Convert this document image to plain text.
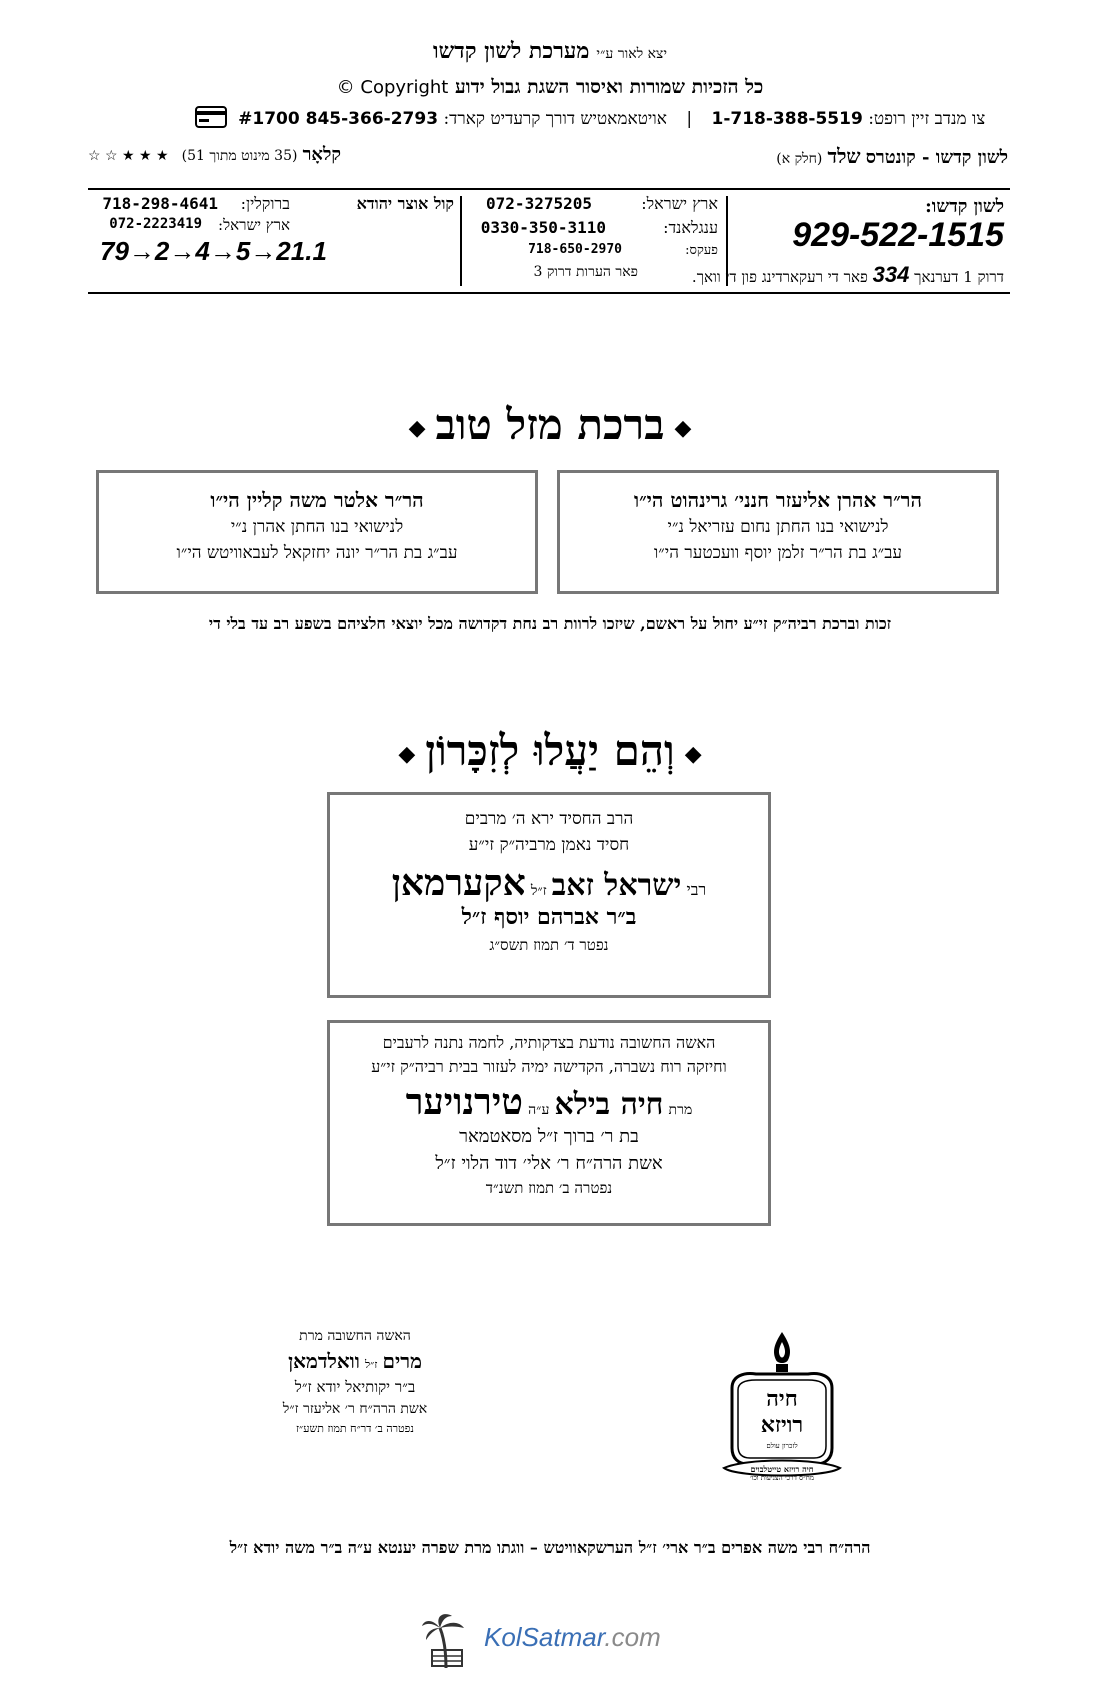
יצא לאור ע״י מערכת לשון קדשו
כל הזכיות שמורות ואיסור השגת גבול ידוע Copyright ©
צו מנדב זיין רופט: 1-718-388-5519 | אויטאמאטיש דורך קרעדיט קארד: 845-366-2793 #1700
לשון קדשו - קונטרס שלד (חלק א)
קלאָר (35 מינוט מתוך 51) ★ ★ ★ ☆ ☆
לשון קדשו:
929-522-1515
דרוק 1 דערנאך 334 פאר די רעקארדינג פון די וואך.
ארץ ישראל:
072-3275205
ענגלאנד:
0330-350-3110
פעקס:
718-650-2970
פאר הערות דרוק 3
קול אוצר יהודא
ברוקלין:
718-298-4641
ארץ ישראל:
072-2223419
79→2→4→5→21.1
◆ברכת מזל טוב◆
הר״ר אהרן אליעזר חנני׳ גרינהוט הי״ו
לנישואי בנו החתן נחום עזריאל נ״י
עב״ג בת הר״ר זלמן יוסף וועכטער הי״ו
הר״ר אלטר משה קליין הי״ו
לנישואי בנו החתן אהרן נ״י
עב״ג בת הר״ר יונה יחזקאל לעבאוויטש הי״ו
זכות וברכת רביה״ק זי״ע יחול על ראשם, שיזכו לרוות רב נחת דקדושה מכל יוצאי חלציהם בשפע רב עד בלי די
◆וְהֵם יַעֲלוּ לְזִכָּרוֹן◆
הרב החסיד ירא ה׳ מרבים
חסיד נאמן מרביה״ק זי״ע
רבי ישראל זאב ז״ל אקערמאן
ב״ר אברהם יוסף ז״ל
נפטר ד׳ תמוז תשס״ג
האשה החשובה נודעת בצדקותיה, לחמה נתנה לרעבים
וחיזקה רוח נשברה, הקדישה ימיה לעזור בבית רביה״ק זי״ע
מרת חיה בילא ע״ה טירנויער
בת ר׳ ברוך ז״ל מסאטמאר
אשת הרה״ח ר׳ אלי׳ דוד הלוי ז״ל
נפטרה ב׳ תמוז תשנ״ד
האשה החשובה מרת
מרים ז״ל וואלדמאן
ב״ר יקותיאל יודא ז״ל
אשת הרה״ח ר׳ אליעזר ז״ל
נפטרה ב׳ דר״ח תמוז תשע״ז
חיה
רויזא
לזכרון עולם
חיה רויזא טייטלבוים
מח״ס דרכי הצניעות וכו׳
הרה״ח רבי משה אפרים ב״ר ארי׳ ז״ל הערשקאוויטש – ווגתו מרת שפרה יענטא ע״ה ב״ר משה יודא ז״ל
KolSatmar.com
